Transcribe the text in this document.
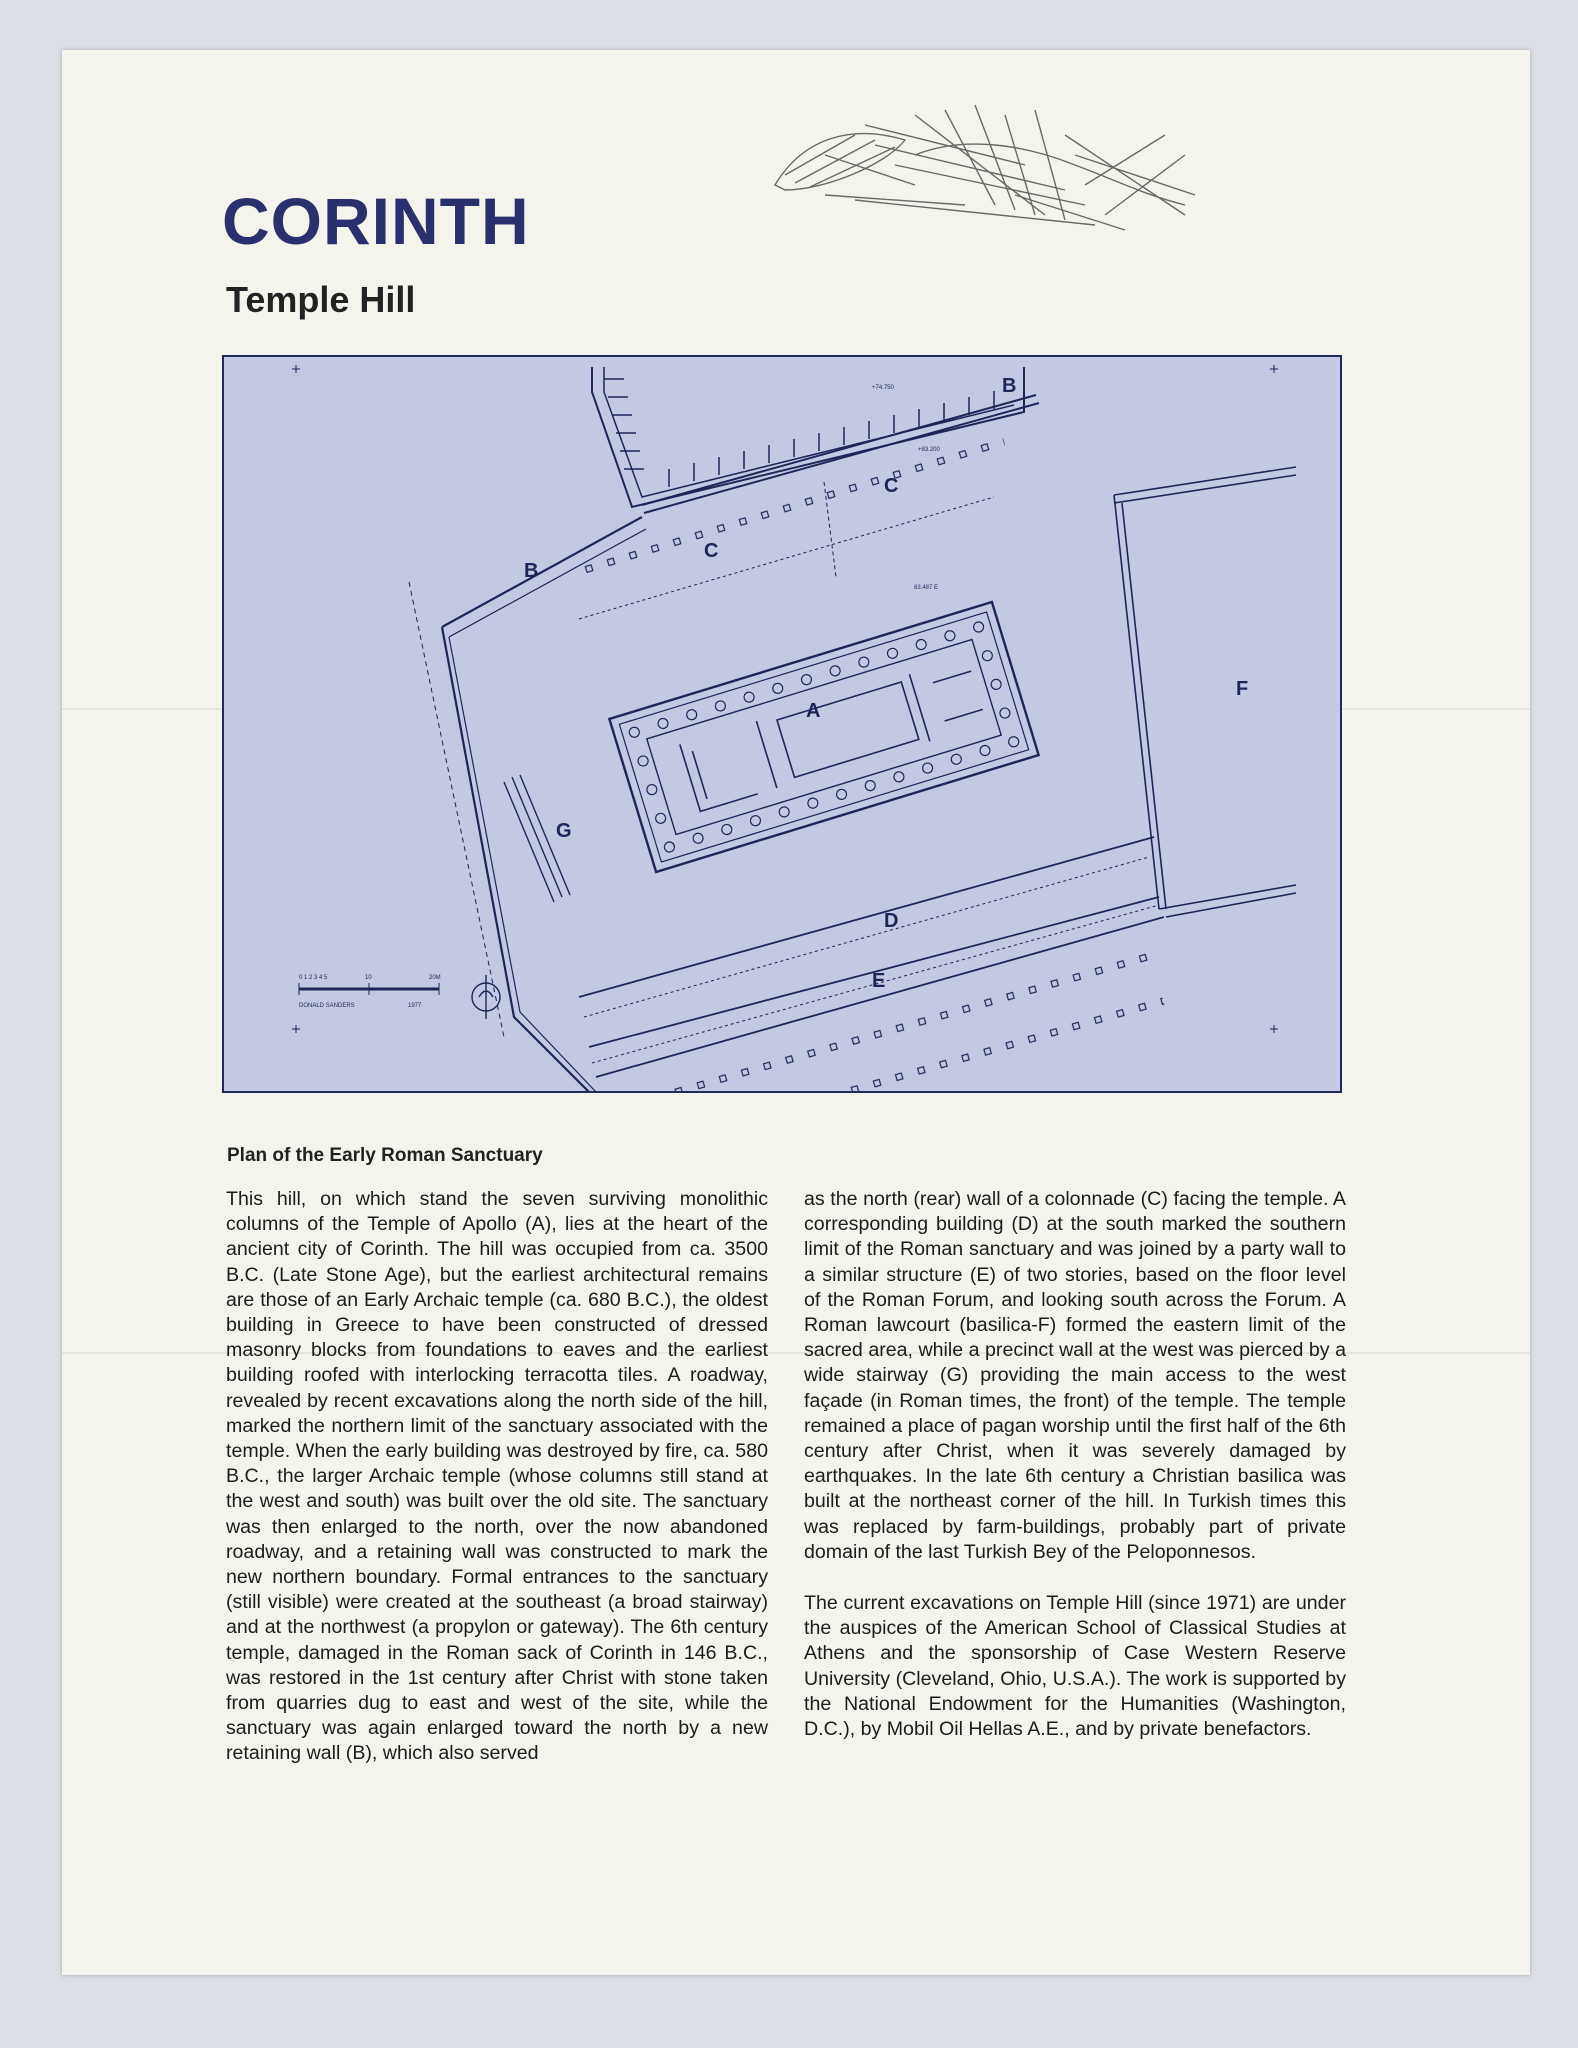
CORINTH
Temple Hill
A
B
B
C
C
D
E
F
G
0 1 2 3 4 5	10	20M
DONALD SANDERS	1977
+74.750
+83.200
83.487 E
Plan of the Early Roman Sanctuary

This hill, on which stand the seven surviving monolithic columns of the Temple of Apollo (A), lies at the heart of the ancient city of Corinth. The hill was occupied from ca. 3500 B.C. (Late Stone Age), but the earliest architectural remains are those of an Early Archaic temple (ca. 680 B.C.), the oldest building in Greece to have been constructed of dressed masonry blocks from foundations to eaves and the earliest building roofed with interlocking terracotta tiles. A roadway, revealed by recent excavations along the north side of the hill, marked the northern limit of the sanctuary associated with the temple. When the early building was destroyed by fire, ca. 580 B.C., the larger Archaic temple (whose columns still stand at the west and south) was built over the old site. The sanctuary was then enlarged to the north, over the now abandoned roadway, and a retaining wall was constructed to mark the new northern boundary. Formal entrances to the sanctuary (still visible) were created at the southeast (a broad stairway) and at the northwest (a propylon or gateway). The 6th century temple, damaged in the Roman sack of Corinth in 146 B.C., was restored in the 1st century after Christ with stone taken from quarries dug to east and west of the site, while the sanctuary was again enlarged toward the north by a new retaining wall (B), which also served

as the north (rear) wall of a colonnade (C) facing the temple. A corresponding building (D) at the south marked the southern limit of the Roman sanctuary and was joined by a party wall to a similar structure (E) of two stories, based on the floor level of the Roman Forum, and looking south across the Forum. A Roman lawcourt (basilica-F) formed the eastern limit of the sacred area, while a precinct wall at the west was pierced by a wide stairway (G) providing the main access to the west façade (in Roman times, the front) of the temple. The temple remained a place of pagan worship until the first half of the 6th century after Christ, when it was severely damaged by earthquakes. In the late 6th century a Christian basilica was built at the northeast corner of the hill. In Turkish times this was replaced by farm-buildings, probably part of private domain of the last Turkish Bey of the Peloponnesos.

The current excavations on Temple Hill (since 1971) are under the auspices of the American School of Classical Studies at Athens and the sponsorship of Case Western Reserve University (Cleveland, Ohio, U.S.A.). The work is supported by the National Endowment for the Humanities (Washington, D.C.), by Mobil Oil Hellas A.E., and by private benefactors.
